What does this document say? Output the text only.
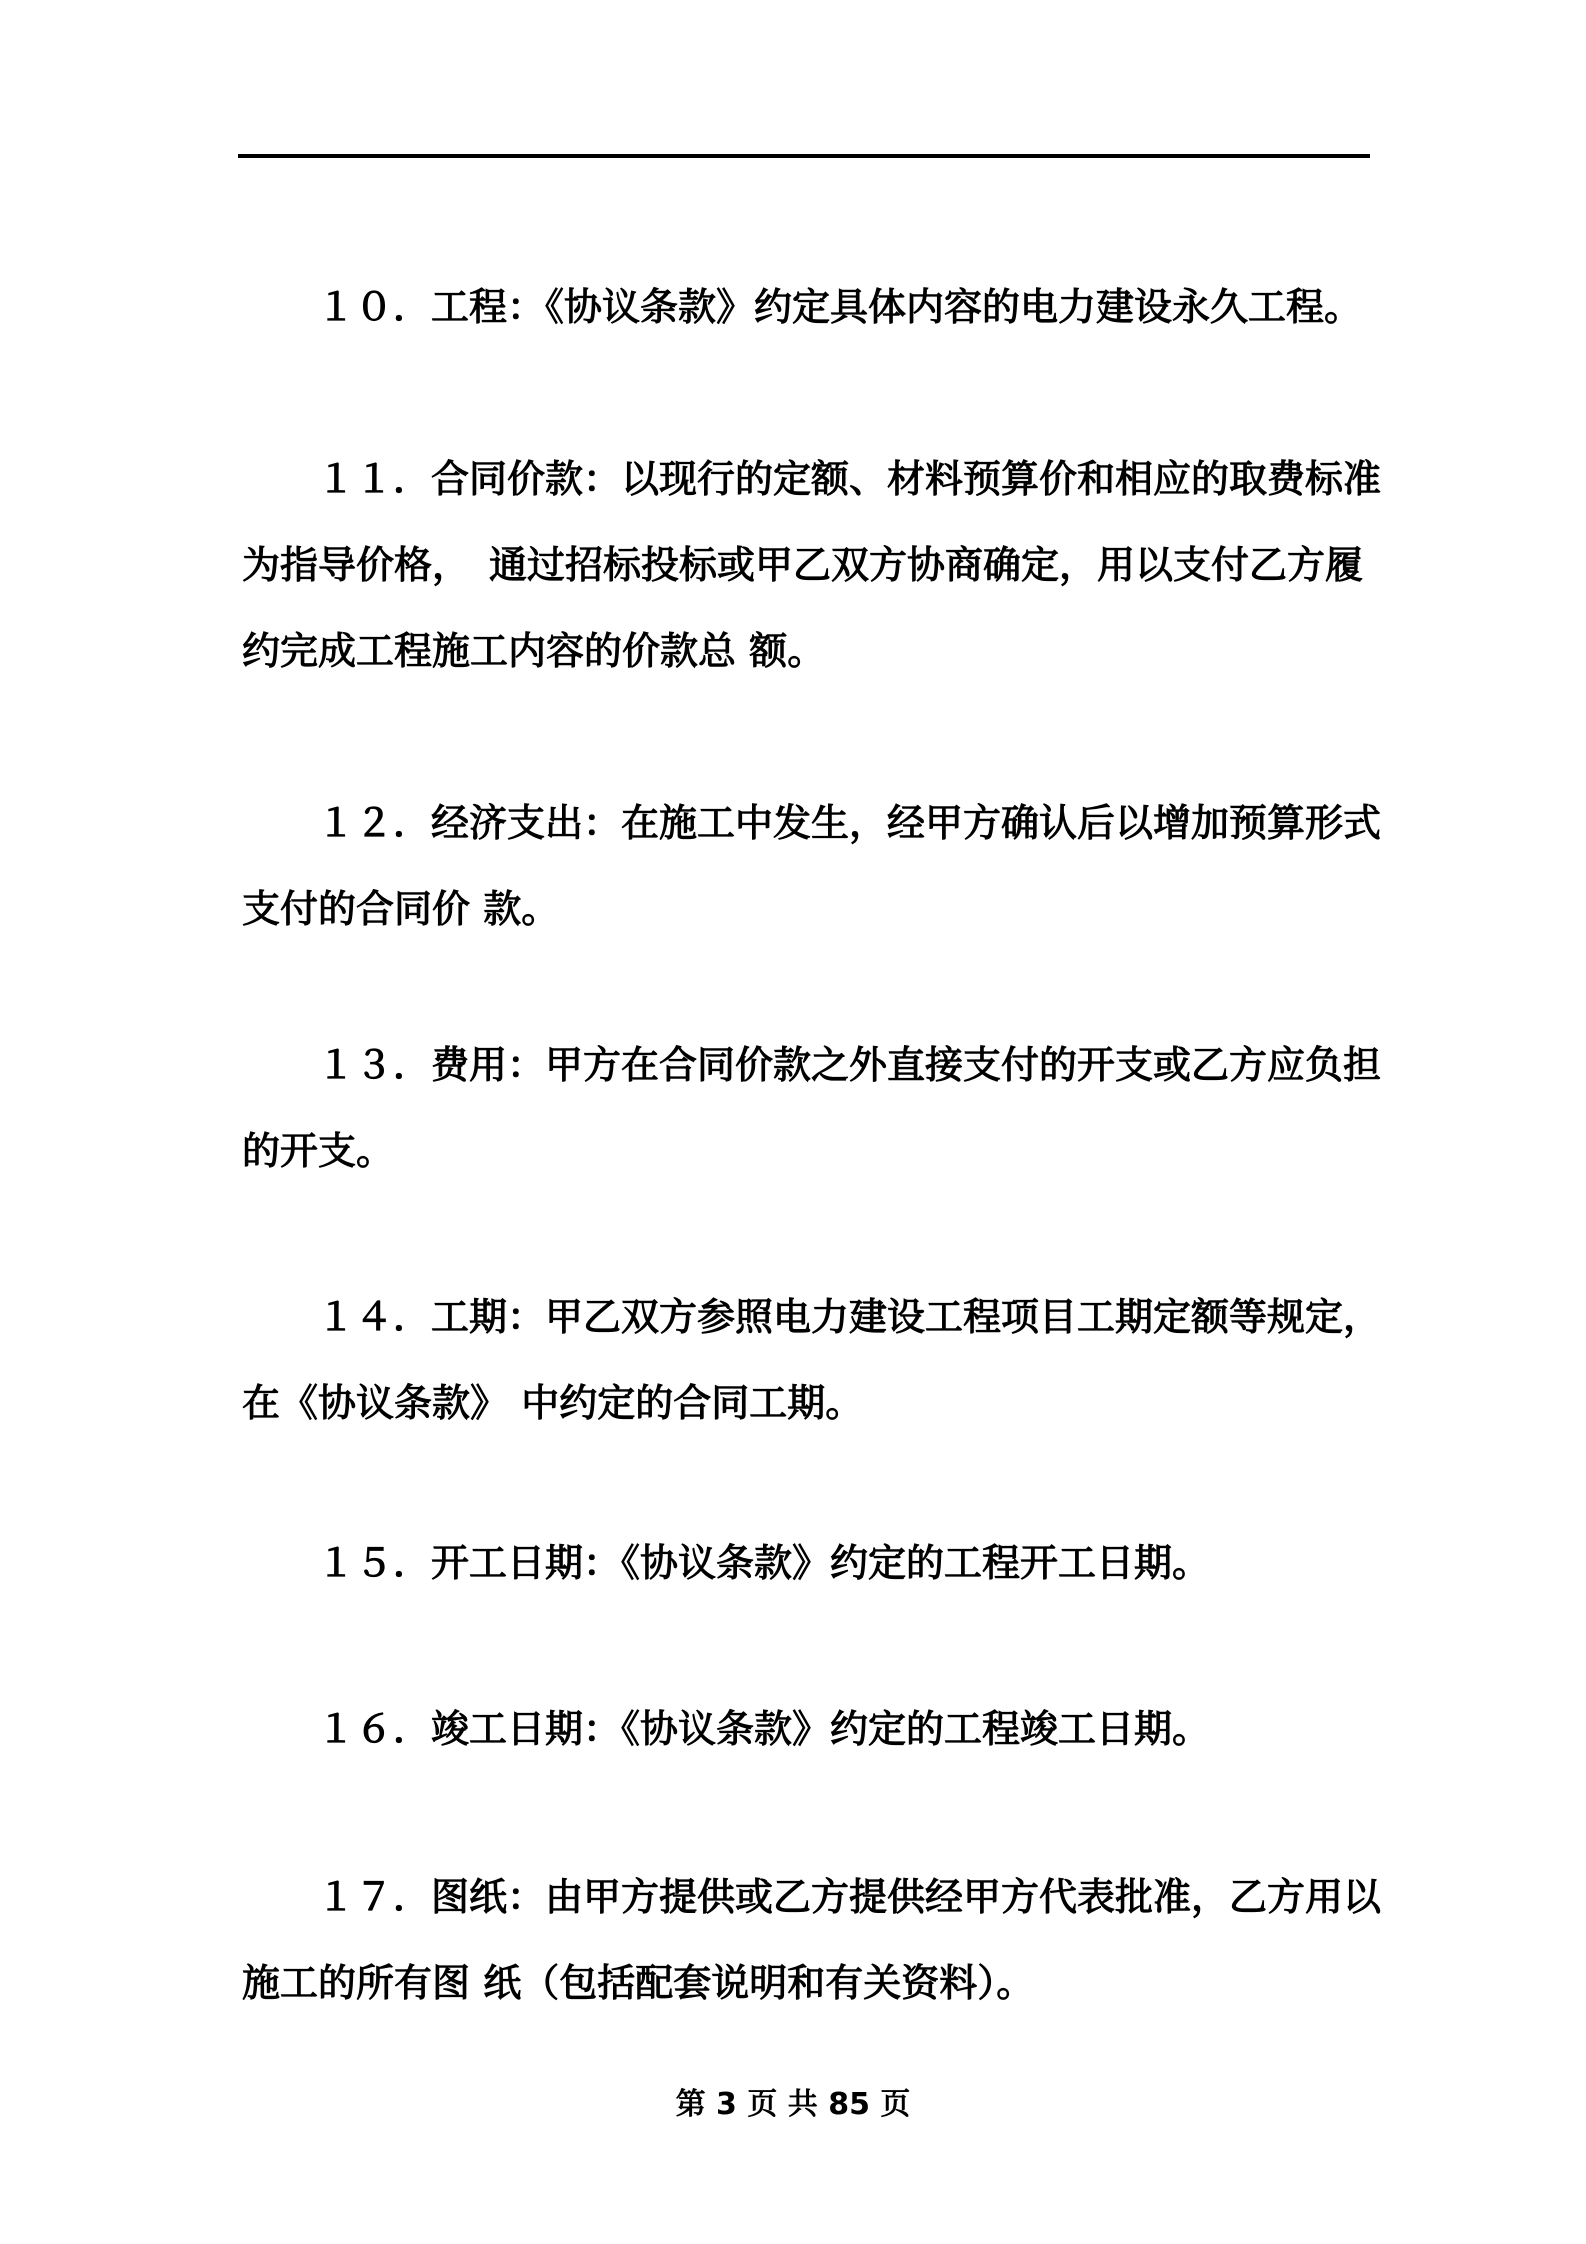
１０．工程：《协议条款》约定具体内容的电力建设永久工程。
１１．合同价款：以现行的定额、材料预算价和相应的取费标准
为指导价格，　通过招标投标或甲乙双方协商确定，用以支付乙方履
约完成工程施工内容的价款总 额。
１２．经济支出：在施工中发生，经甲方确认后以增加预算形式
支付的合同价 款。
１３．费用：甲方在合同价款之外直接支付的开支或乙方应负担
的开支。
１４．工期：甲乙双方参照电力建设工程项目工期定额等规定，
在《协议条款》 中约定的合同工期。
１５．开工日期：《协议条款》约定的工程开工日期。
１６．竣工日期：《协议条款》约定的工程竣工日期。
１７．图纸：由甲方提供或乙方提供经甲方代表批准，乙方用以
施工的所有图 纸（包括配套说明和有关资料）。
第 3 页 共 85 页
